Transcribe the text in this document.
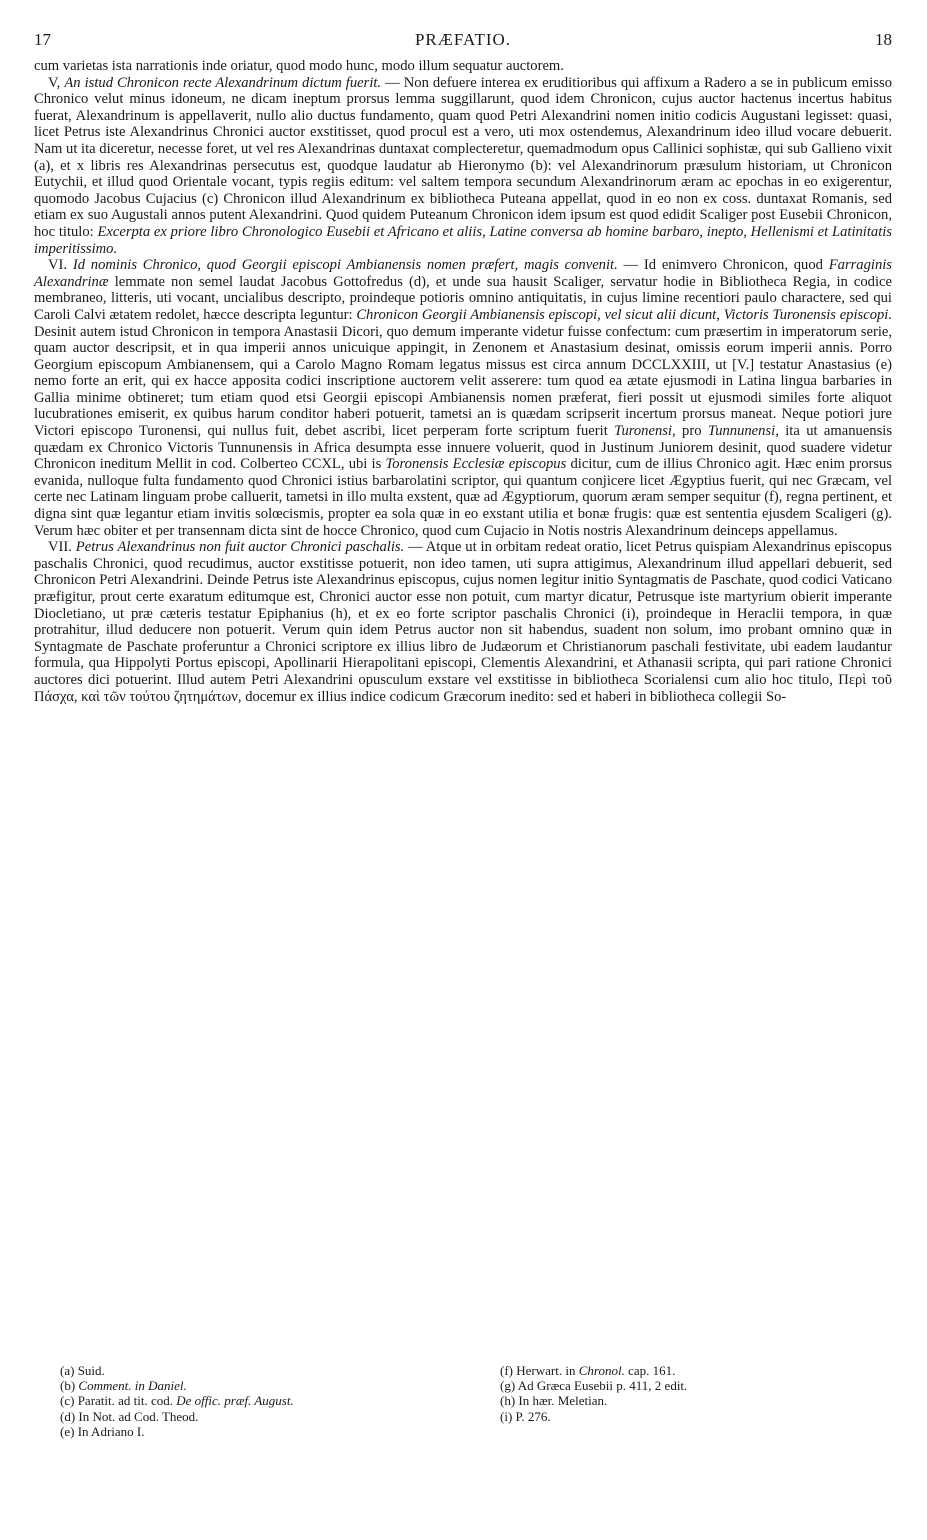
17	PRÆFATIO.	18

cum varietas ista narrationis inde oriatur, quod modo hunc, modo illum sequatur auctorem.

V, An istud Chronicon recte Alexandrinum dictum fuerit. — Non defuere interea ex eruditioribus qui affixum a Radero a se in publicum emisso Chronico velut minus idoneum, ne dicam ineptum prorsus lemma suggillarunt, quod idem Chronicon, cujus auctor hactenus incertus habitus fuerat, Alexandrinum is appellaverit, nullo alio ductus fundamento, quam quod Petri Alexandrini nomen initio codicis Augustani legisset: quasi, licet Petrus iste Alexandrinus Chronici auctor exstitisset, quod procul est a vero, uti mox ostendemus, Alexandrinum ideo illud vocare debuerit. Nam ut ita diceretur, necesse foret, ut vel res Alexandrinas duntaxat complecteretur, quemadmodum opus Callinici sophistæ, qui sub Gallieno vixit (a), et x libris res Alexandrinas persecutus est, quodque laudatur ab Hieronymo (b): vel Alexandrinorum præsulum historiam, ut Chronicon Eutychii, et illud quod Orientale vocant, typis regiis editum: vel saltem tempora secundum Alexandrinorum æram ac epochas in eo exigerentur, quomodo Jacobus Cujacius (c) Chronicon illud Alexandrinum ex bibliotheca Puteana appellat, quod in eo non ex coss. duntaxat Romanis, sed etiam ex suo Augustali annos putent Alexandrini. Quod quidem Puteanum Chronicon idem ipsum est quod edidit Scaliger post Eusebii Chronicon, hoc titulo: Excerpta ex priore libro Chronologico Eusebii et Africano et aliis, Latine conversa ab homine barbaro, inepto, Hellenismi et Latinitatis imperitissimo.

VI. Id nominis Chronico, quod Georgii episcopi Ambianensis nomen præfert, magis convenit. — Id enimvero Chronicon, quod Farraginis Alexandrinæ lemmate non semel laudat Jacobus Gottofredus (d), et unde sua hausit Scaliger, servatur hodie in Bibliotheca Regia, in codice membraneo, litteris, uti vocant, uncialibus descripto, proindeque potioris omnino antiquitatis, in cujus limine recentiori paulo charactere, sed qui Caroli Calvi ætatem redolet, hæcce descripta leguntur: Chronicon Georgii Ambianensis episcopi, vel sicut alii dicunt, Victoris Turonensis episcopi. Desinit autem istud Chronicon in tempora Anastasii Dicori, quo demum imperante videtur fuisse confectum: cum præsertim in imperatorum serie, quam auctor descripsit, et in qua imperii annos unicuique appingit, in Zenonem et Anastasium desinat, omissis eorum imperii annis. Porro Georgium episcopum Ambianensem, qui a Carolo Magno Romam legatus missus est circa annum DCCLXXIII, ut [V.] testatur Anastasius (e) nemo forte an erit, qui ex hacce apposita codici inscriptione auctorem velit asserere: tum quod ea ætate ejusmodi in Latina lingua barbaries in Gallia minime obtineret; tum etiam quod etsi Georgii episcopi Ambianensis nomen præferat, fieri possit ut ejusmodi similes forte aliquot lucubrationes emiserit, ex quibus harum conditor haberi potuerit, tametsi an is quædam scripserit incertum prorsus maneat. Neque potiori jure Victori episcopo Turonensi, qui nullus fuit, debet ascribi, licet perperam forte scriptum fuerit Turonensi, pro Tunnunensi, ita ut amanuensis quædam ex Chronico Victoris Tunnunensis in Africa desumpta esse innuere voluerit, quod in Justinum Juniorem desinit, quod suadere videtur Chronicon ineditum Mellit in cod. Colberteo CCXL, ubi is Toronensis Ecclesiæ episcopus dicitur, cum de illius Chronico agit. Hæc enim prorsus evanida, nulloque fulta fundamento quod Chronici istius barbarolatini scriptor, qui quantum conjicere licet Ægyptius fuerit, qui nec Græcam, vel certe nec Latinam linguam probe calluerit, tametsi in illo multa exstent, quæ ad Ægyptiorum, quorum æram semper sequitur (f), regna pertinent, et digna sint quæ legantur etiam invitis solœcismis, propter ea sola quæ in eo exstant utilia et bonæ frugis: quæ est sententia ejusdem Scaligeri (g). Verum hæc obiter et per transennam dicta sint de hocce Chronico, quod cum Cujacio in Notis nostris Alexandrinum deinceps appellamus.

VII. Petrus Alexandrinus non fuit auctor Chronici paschalis. — Atque ut in orbitam redeat oratio, licet Petrus quispiam Alexandrinus episcopus paschalis Chronici, quod recudimus, auctor exstitisse potuerit, non ideo tamen, uti supra attigimus, Alexandrinum illud appellari debuerit, sed Chronicon Petri Alexandrini. Deinde Petrus iste Alexandrinus episcopus, cujus nomen legitur initio Syntagmatis de Paschate, quod codici Vaticano præfigitur, prout certe exaratum editumque est, Chronici auctor esse non potuit, cum martyr dicatur, Petrusque iste martyrium obierit imperante Diocletiano, ut præ cæteris testatur Epiphanius (h), et ex eo forte scriptor paschalis Chronici (i), proindeque in Heraclii tempora, in quæ protrahitur, illud deducere non potuerit. Verum quin idem Petrus auctor non sit habendus, suadent non solum, imo probant omnino quæ in Syntagmate de Paschate proferuntur a Chronici scriptore ex illius libro de Judæorum et Christianorum paschali festivitate, ubi eadem laudantur formula, qua Hippolyti Portus episcopi, Apollinarii Hierapolitani episcopi, Clementis Alexandrini, et Athanasii scripta, qui pari ratione Chronici auctores dici potuerint. Illud autem Petri Alexandrini opusculum exstare vel exstitisse in bibliotheca Scorialensi cum alio hoc titulo, Περὶ τοῦ Πάσχα, καὶ τῶν τούτου ζητημάτων, docemur ex illius indice codicum Græcorum inedito: sed et haberi in bibliotheca collegii So-

(a) Suid.
(b) Comment. in Daniel.
(c) Paratit. ad tit. cod. De offic. præf. August.
(d) In Not. ad Cod. Theod.
(e) In Adriano I.
(f) Herwart. in Chronol. cap. 161.
(g) Ad Græca Eusebii p. 411, 2 edit.
(h) In hær. Meletian.
(i) P. 276.
